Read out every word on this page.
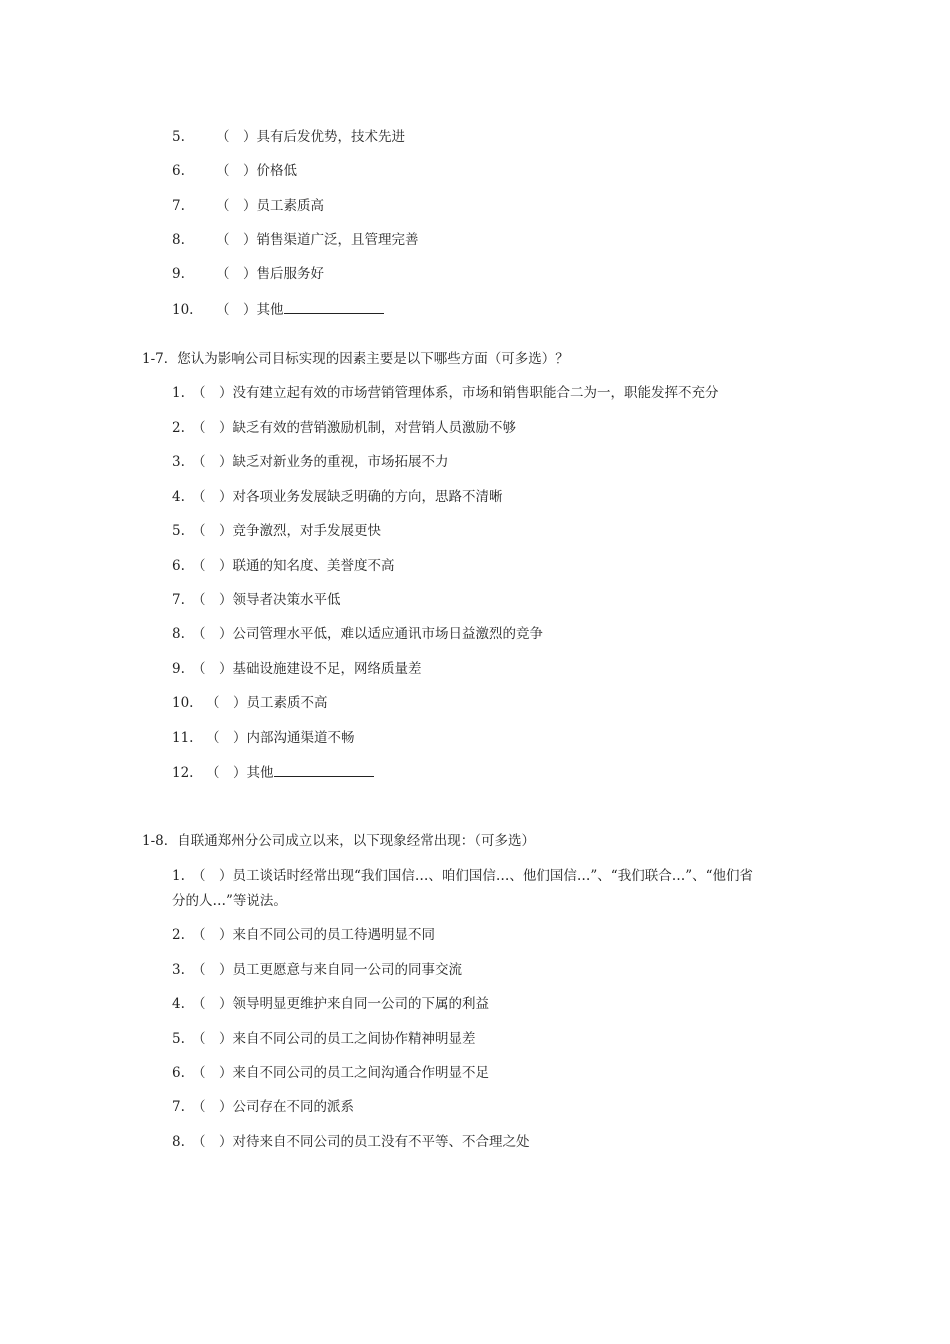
5. （　）具有后发优势，技术先进
6. （　）价格低
7. （　）员工素质高
8. （　）销售渠道广泛，且管理完善
9. （　）售后服务好
10. （　）其他
1-7．您认为影响公司目标实现的因素主要是以下哪些方面（可多选）？
1. （　）没有建立起有效的市场营销管理体系，市场和销售职能合二为一，职能发挥不充分
2. （　）缺乏有效的营销激励机制，对营销人员激励不够
3. （　）缺乏对新业务的重视，市场拓展不力
4. （　）对各项业务发展缺乏明确的方向，思路不清晰
5. （　）竞争激烈，对手发展更快
6. （　）联通的知名度、美誉度不高
7. （　）领导者决策水平低
8. （　）公司管理水平低，难以适应通讯市场日益激烈的竞争
9. （　）基础设施建设不足，网络质量差
10. （　）员工素质不高
11. （　）内部沟通渠道不畅
12. （　）其他
1-8．自联通郑州分公司成立以来，以下现象经常出现：（可多选）
1. （　）员工谈话时经常出现“我们国信…、咱们国信…、他们国信…”、“我们联合…”、“他们省
分的人…”等说法。
2. （　）来自不同公司的员工待遇明显不同
3. （　）员工更愿意与来自同一公司的同事交流
4. （　）领导明显更维护来自同一公司的下属的利益
5. （　）来自不同公司的员工之间协作精神明显差
6. （　）来自不同公司的员工之间沟通合作明显不足
7. （　）公司存在不同的派系
8. （　）对待来自不同公司的员工没有不平等、不合理之处
